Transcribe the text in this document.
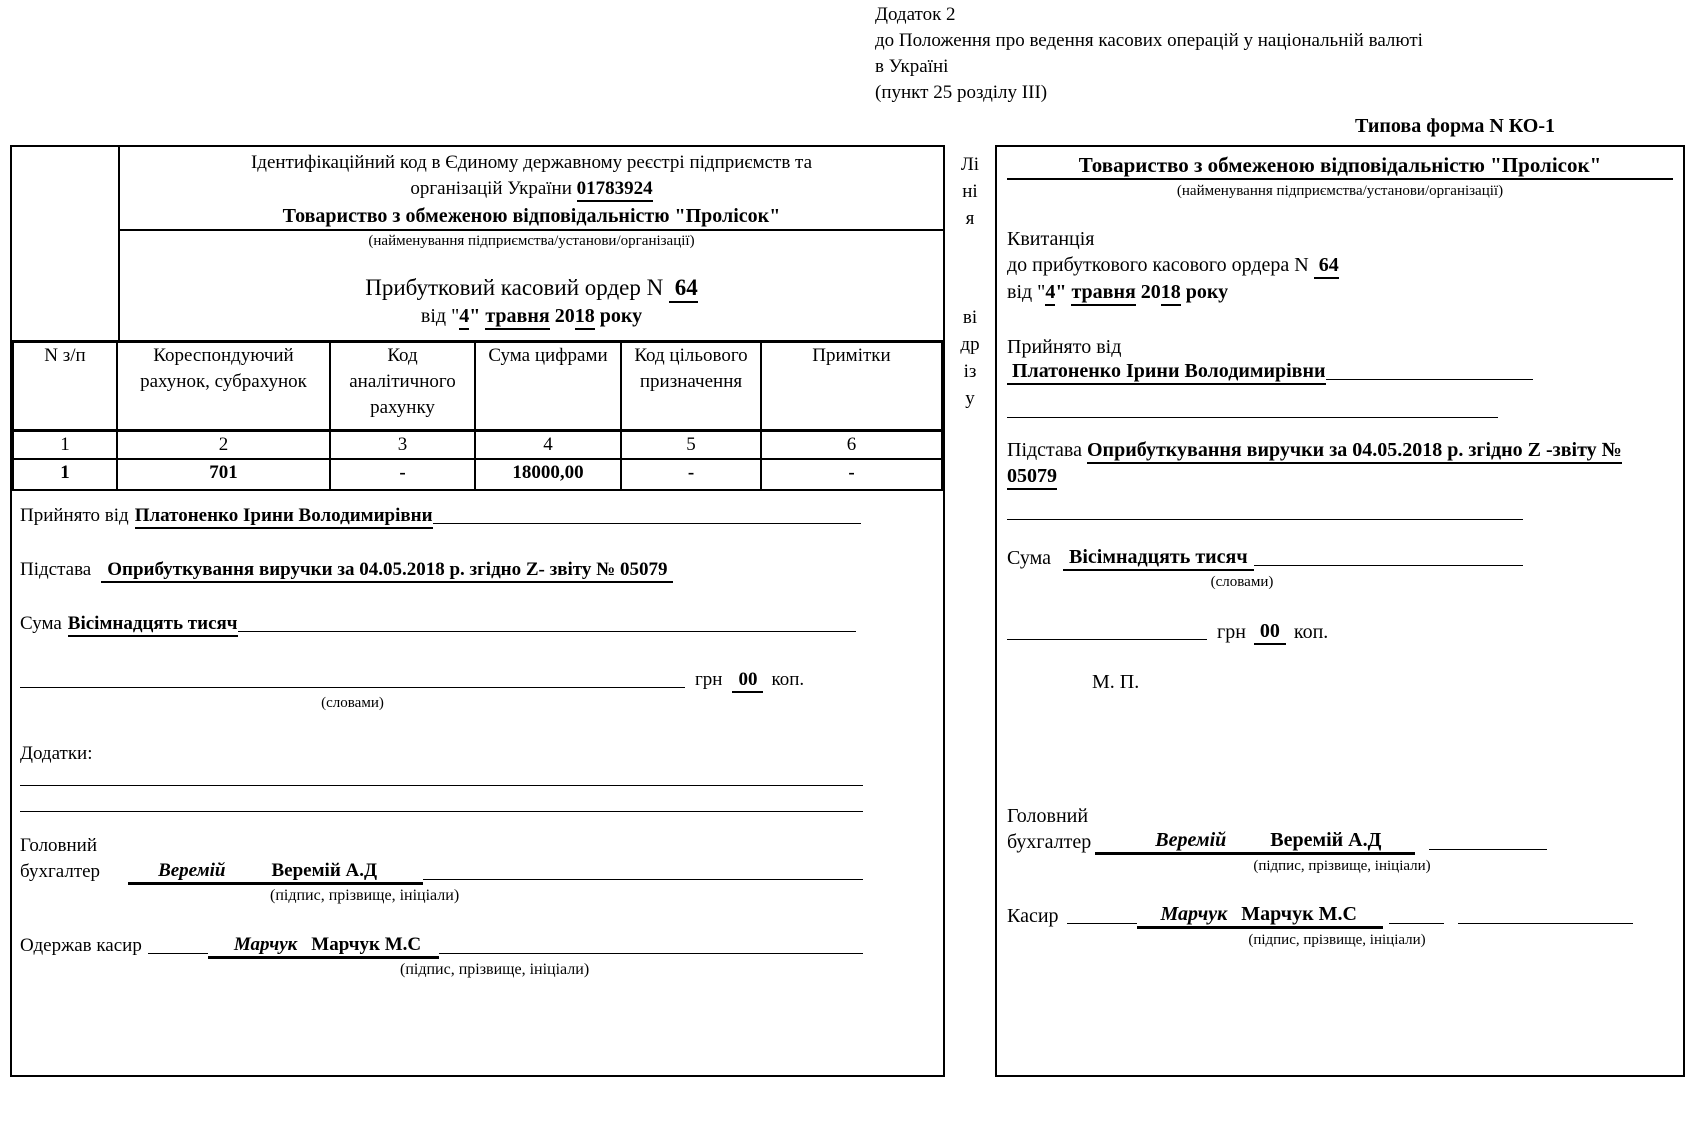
Додаток 2
до Положення про ведення касових операцій у національній валюті
в Україні
(пункт 25 розділу III)
Типова форма N КО-1
Ідентифікаційний код в Єдиному державному реєстрі підприємств та
організацій України 01783924
Товариство з обмеженою відповідальністю "Пролісок"
(найменування підприємства/установи/організації)
Прибутковий касовий ордер N 64
від "4" травня 2018 року
N з/п	Кореспондуючий рахунок, субрахунок	Код аналітичного рахунку	Сума цифрами	Код цільового призначення	Примітки
1	2	3	4	5	6
1	701	-	18000,00	-	-
Прийнято від Платоненко Ірини Володимирівни
Підстава Оприбуткування виручки за 04.05.2018 р. згідно Z- звіту № 05079
Сума Вісімнадцять тисяч
грн 00 коп.
(словами)
Додатки:
Головний
бухгалтер	Веремій Веремій А.Д
(підпис, прізвище, ініціали)
Одержав касир	Марчук Марчук М.С
(підпис, прізвище, ініціали)
Лінія
відрізу
Товариство з обмеженою відповідальністю "Пролісок"
(найменування підприємства/установи/організації)
Квитанція
до прибуткового касового ордера N 64
від "4" травня 2018 року
Прийнято від

Платоненко Ірини Володимирівни
Підстава Оприбуткування виручки за 04.05.2018 р. згідно Z -звіту № 05079
Сума Вісімнадцять тисяч
(словами)
грн 00 коп.
М. П.
Головний
бухгалтер	Веремій Веремій А.Д
(підпис, прізвище, ініціали)
Касир	Марчук Марчук М.С
(підпис, прізвище, ініціали)
